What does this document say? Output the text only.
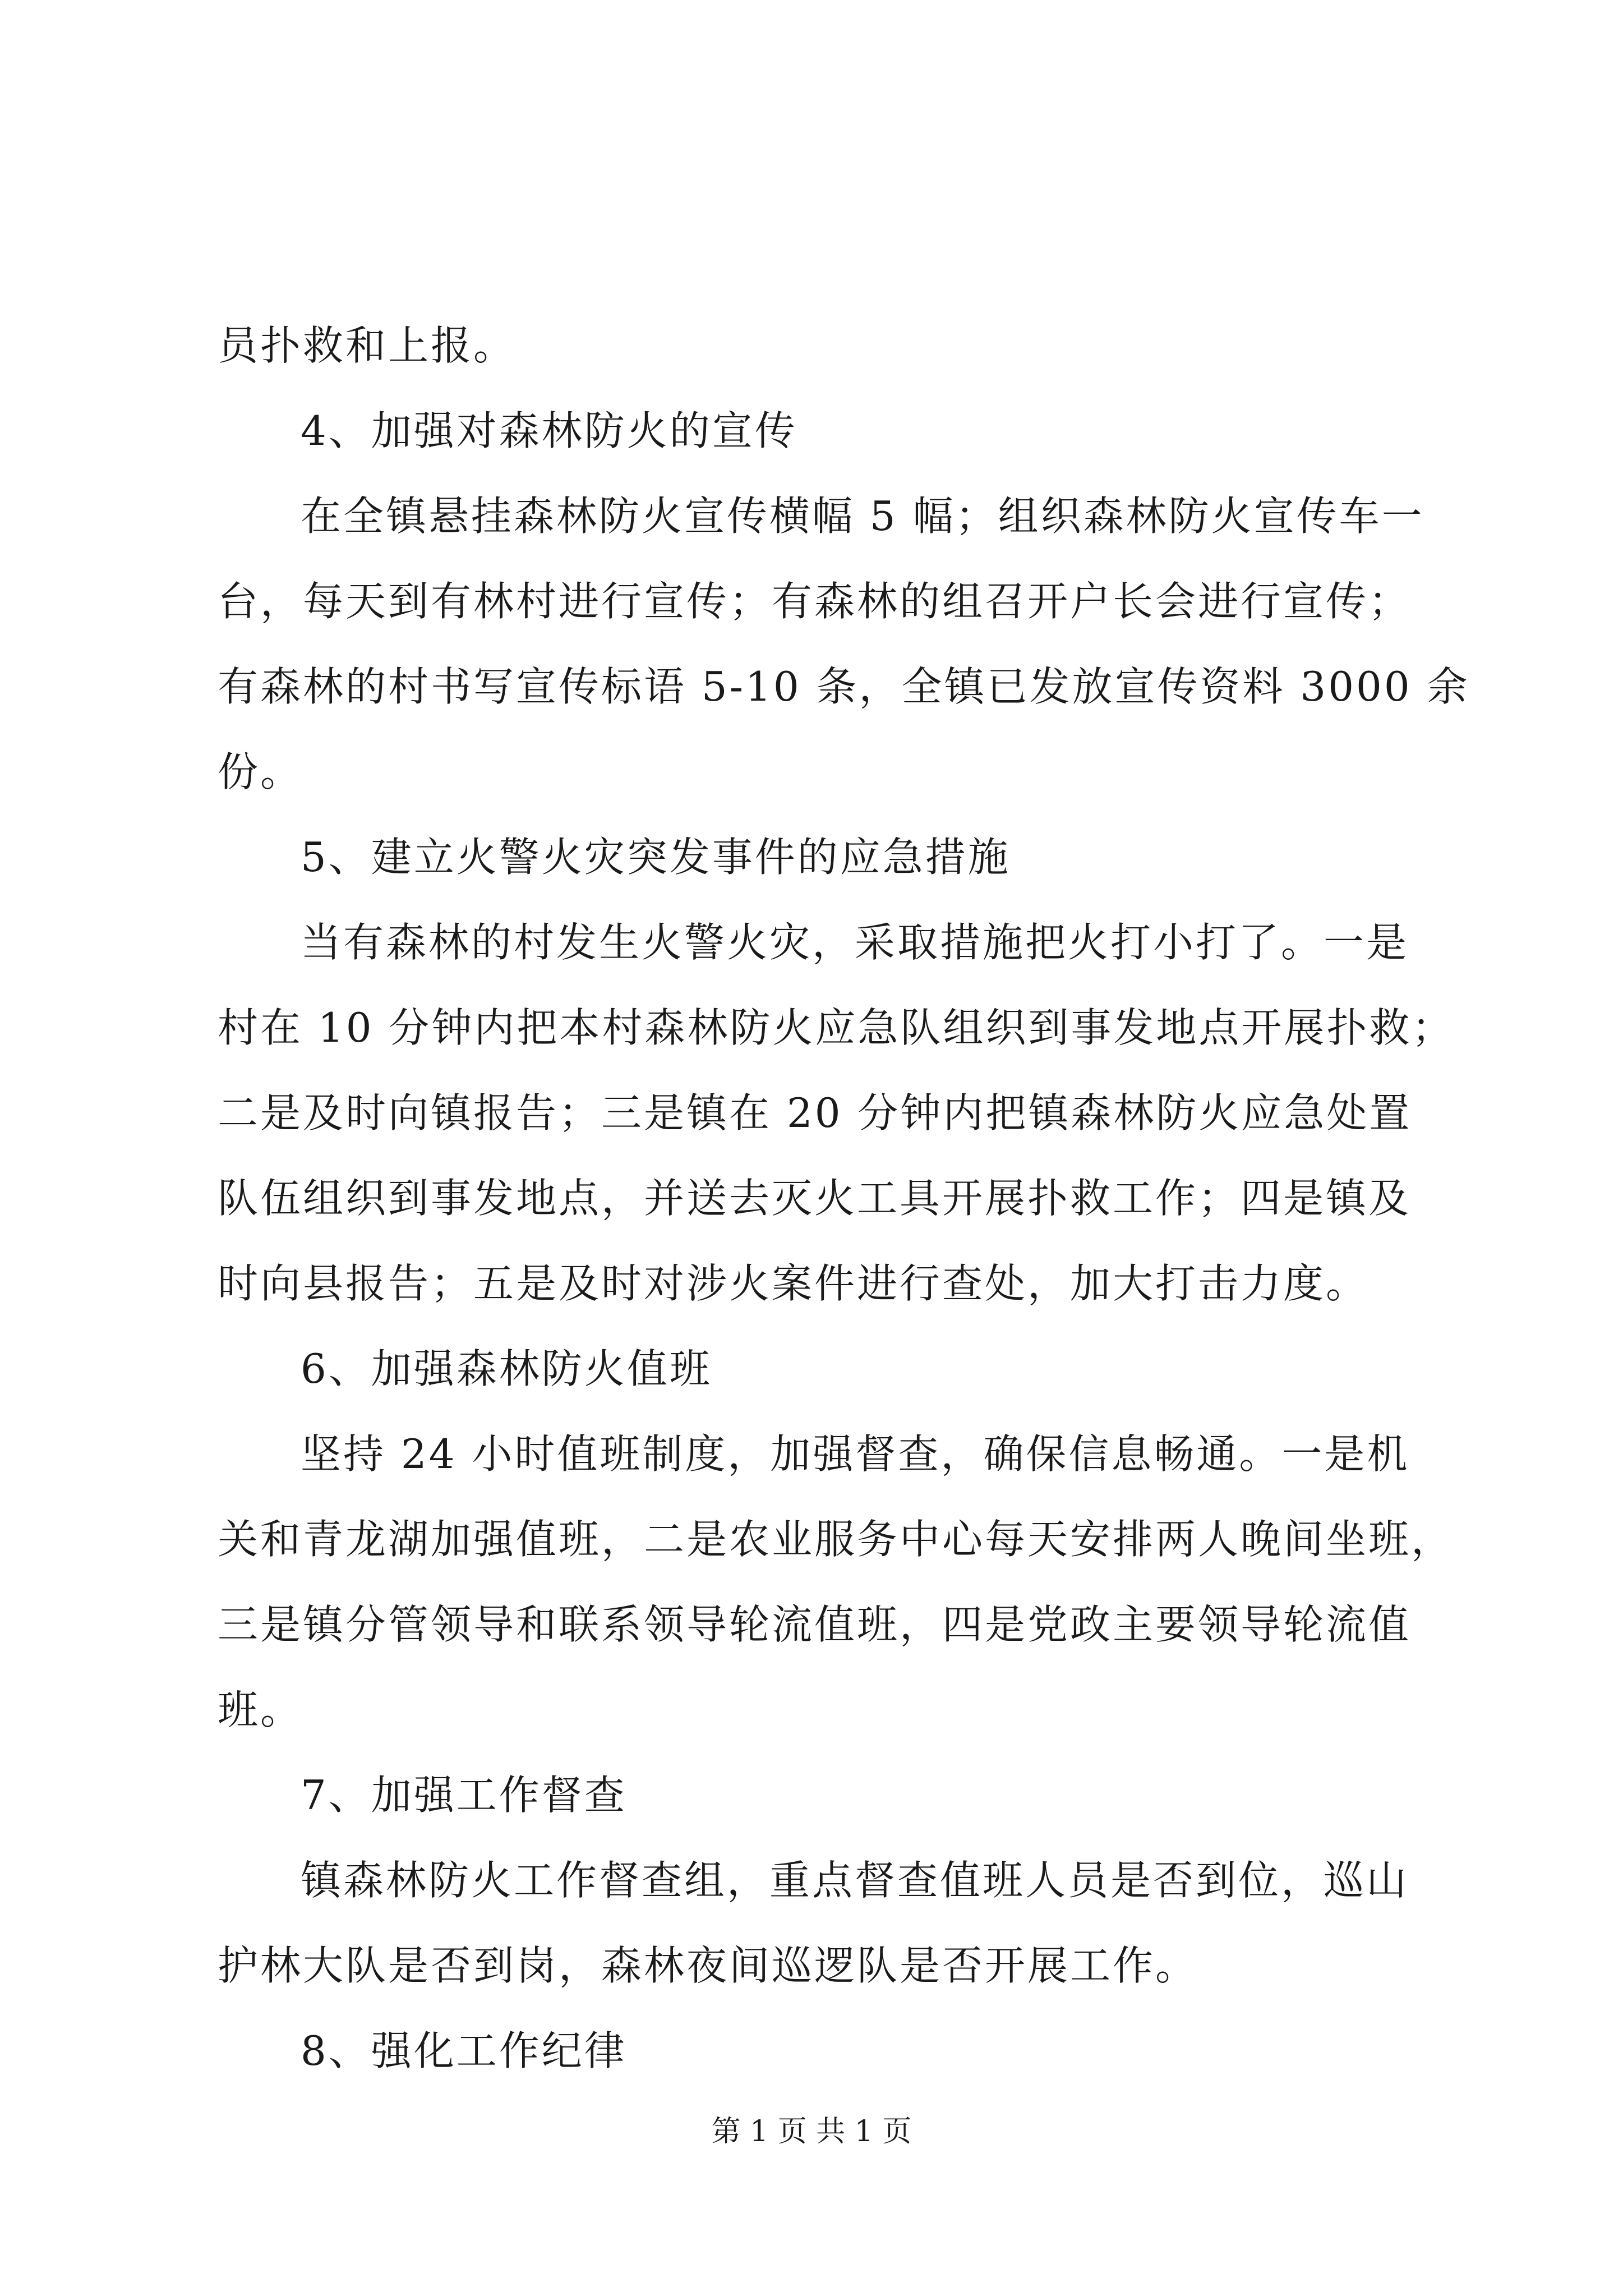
员扑救和上报。
4、加强对森林防火的宣传
在全镇悬挂森林防火宣传横幅 5 幅；组织森林防火宣传车一
台，每天到有林村进行宣传；有森林的组召开户长会进行宣传；
有森林的村书写宣传标语 5-10 条，全镇已发放宣传资料 3000 余
份。
5、建立火警火灾突发事件的应急措施
当有森林的村发生火警火灾，采取措施把火打小打了。一是
村在 10 分钟内把本村森林防火应急队组织到事发地点开展扑救；
二是及时向镇报告；三是镇在 20 分钟内把镇森林防火应急处置
队伍组织到事发地点，并送去灭火工具开展扑救工作；四是镇及
时向县报告；五是及时对涉火案件进行查处，加大打击力度。
6、加强森林防火值班
坚持 24 小时值班制度，加强督查，确保信息畅通。一是机
关和青龙湖加强值班，二是农业服务中心每天安排两人晚间坐班，
三是镇分管领导和联系领导轮流值班，四是党政主要领导轮流值
班。
7、加强工作督查
镇森林防火工作督查组，重点督查值班人员是否到位，巡山
护林大队是否到岗，森林夜间巡逻队是否开展工作。
8、强化工作纪律
第 1 页 共 1 页
